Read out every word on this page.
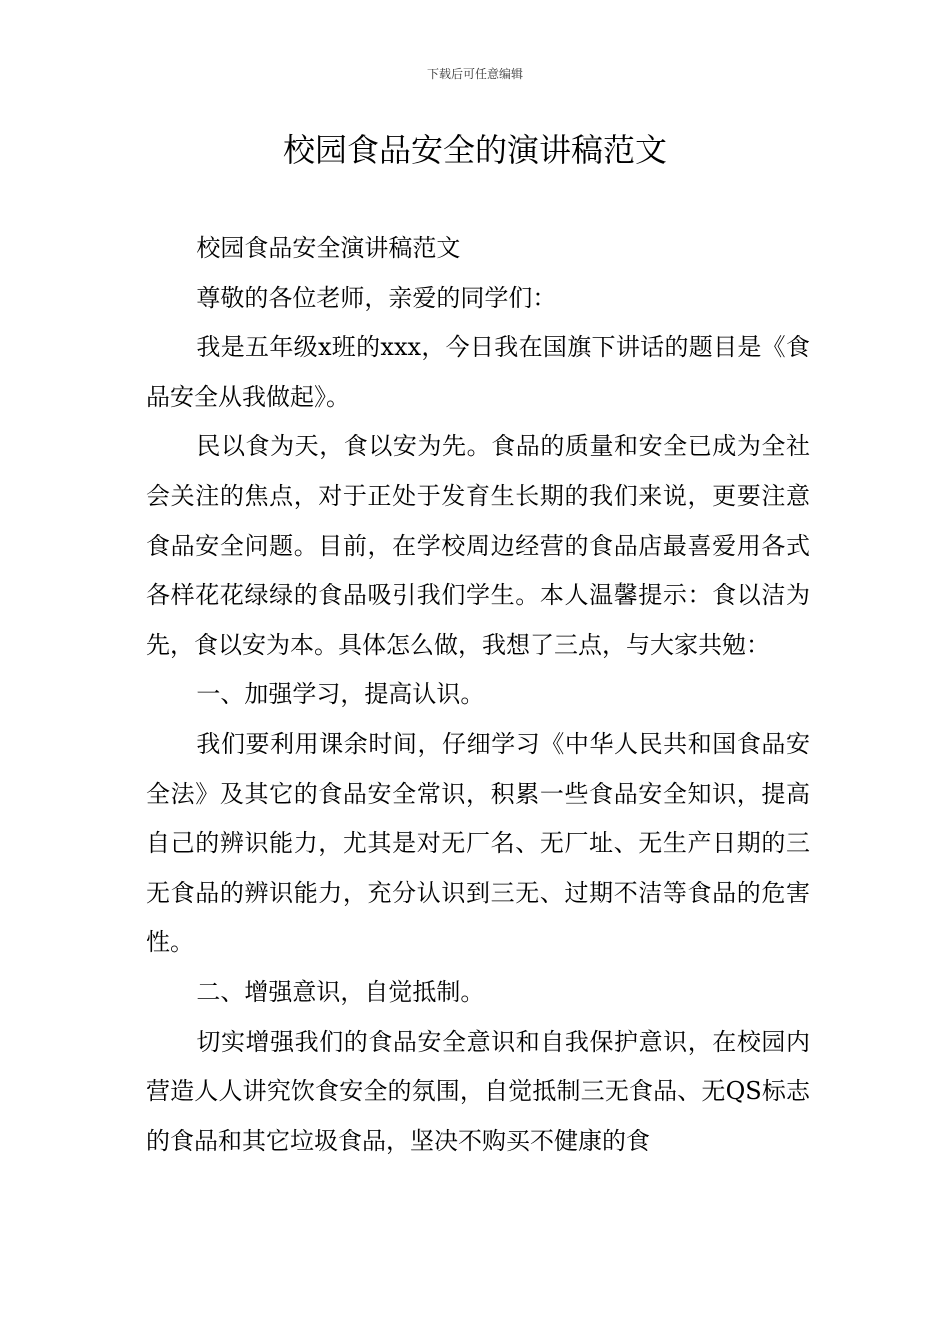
下载后可任意编辑
校园食品安全的演讲稿范文

校园食品安全演讲稿范文

尊敬的各位老师，亲爱的同学们：

我是五年级x班的xxx，今日我在国旗下讲话的题目是《食品安全从我做起》。

民以食为天，食以安为先。食品的质量和安全已成为全社会关注的焦点，对于正处于发育生长期的我们来说，更要注意食品安全问题。目前，在学校周边经营的食品店最喜爱用各式各样花花绿绿的食品吸引我们学生。本人温馨提示：食以洁为先，食以安为本。具体怎么做，我想了三点，与大家共勉：

一、加强学习，提高认识。

我们要利用课余时间，仔细学习《中华人民共和国食品安全法》及其它的食品安全常识，积累一些食品安全知识，提高自己的辨识能力，尤其是对无厂名、无厂址、无生产日期的三无食品的辨识能力，充分认识到三无、过期不洁等食品的危害性。

二、增强意识，自觉抵制。

切实增强我们的食品安全意识和自我保护意识，在校园内营造人人讲究饮食安全的氛围，自觉抵制三无食品、无QS标志的食品和其它垃圾食品，坚决不购买不健康的食
